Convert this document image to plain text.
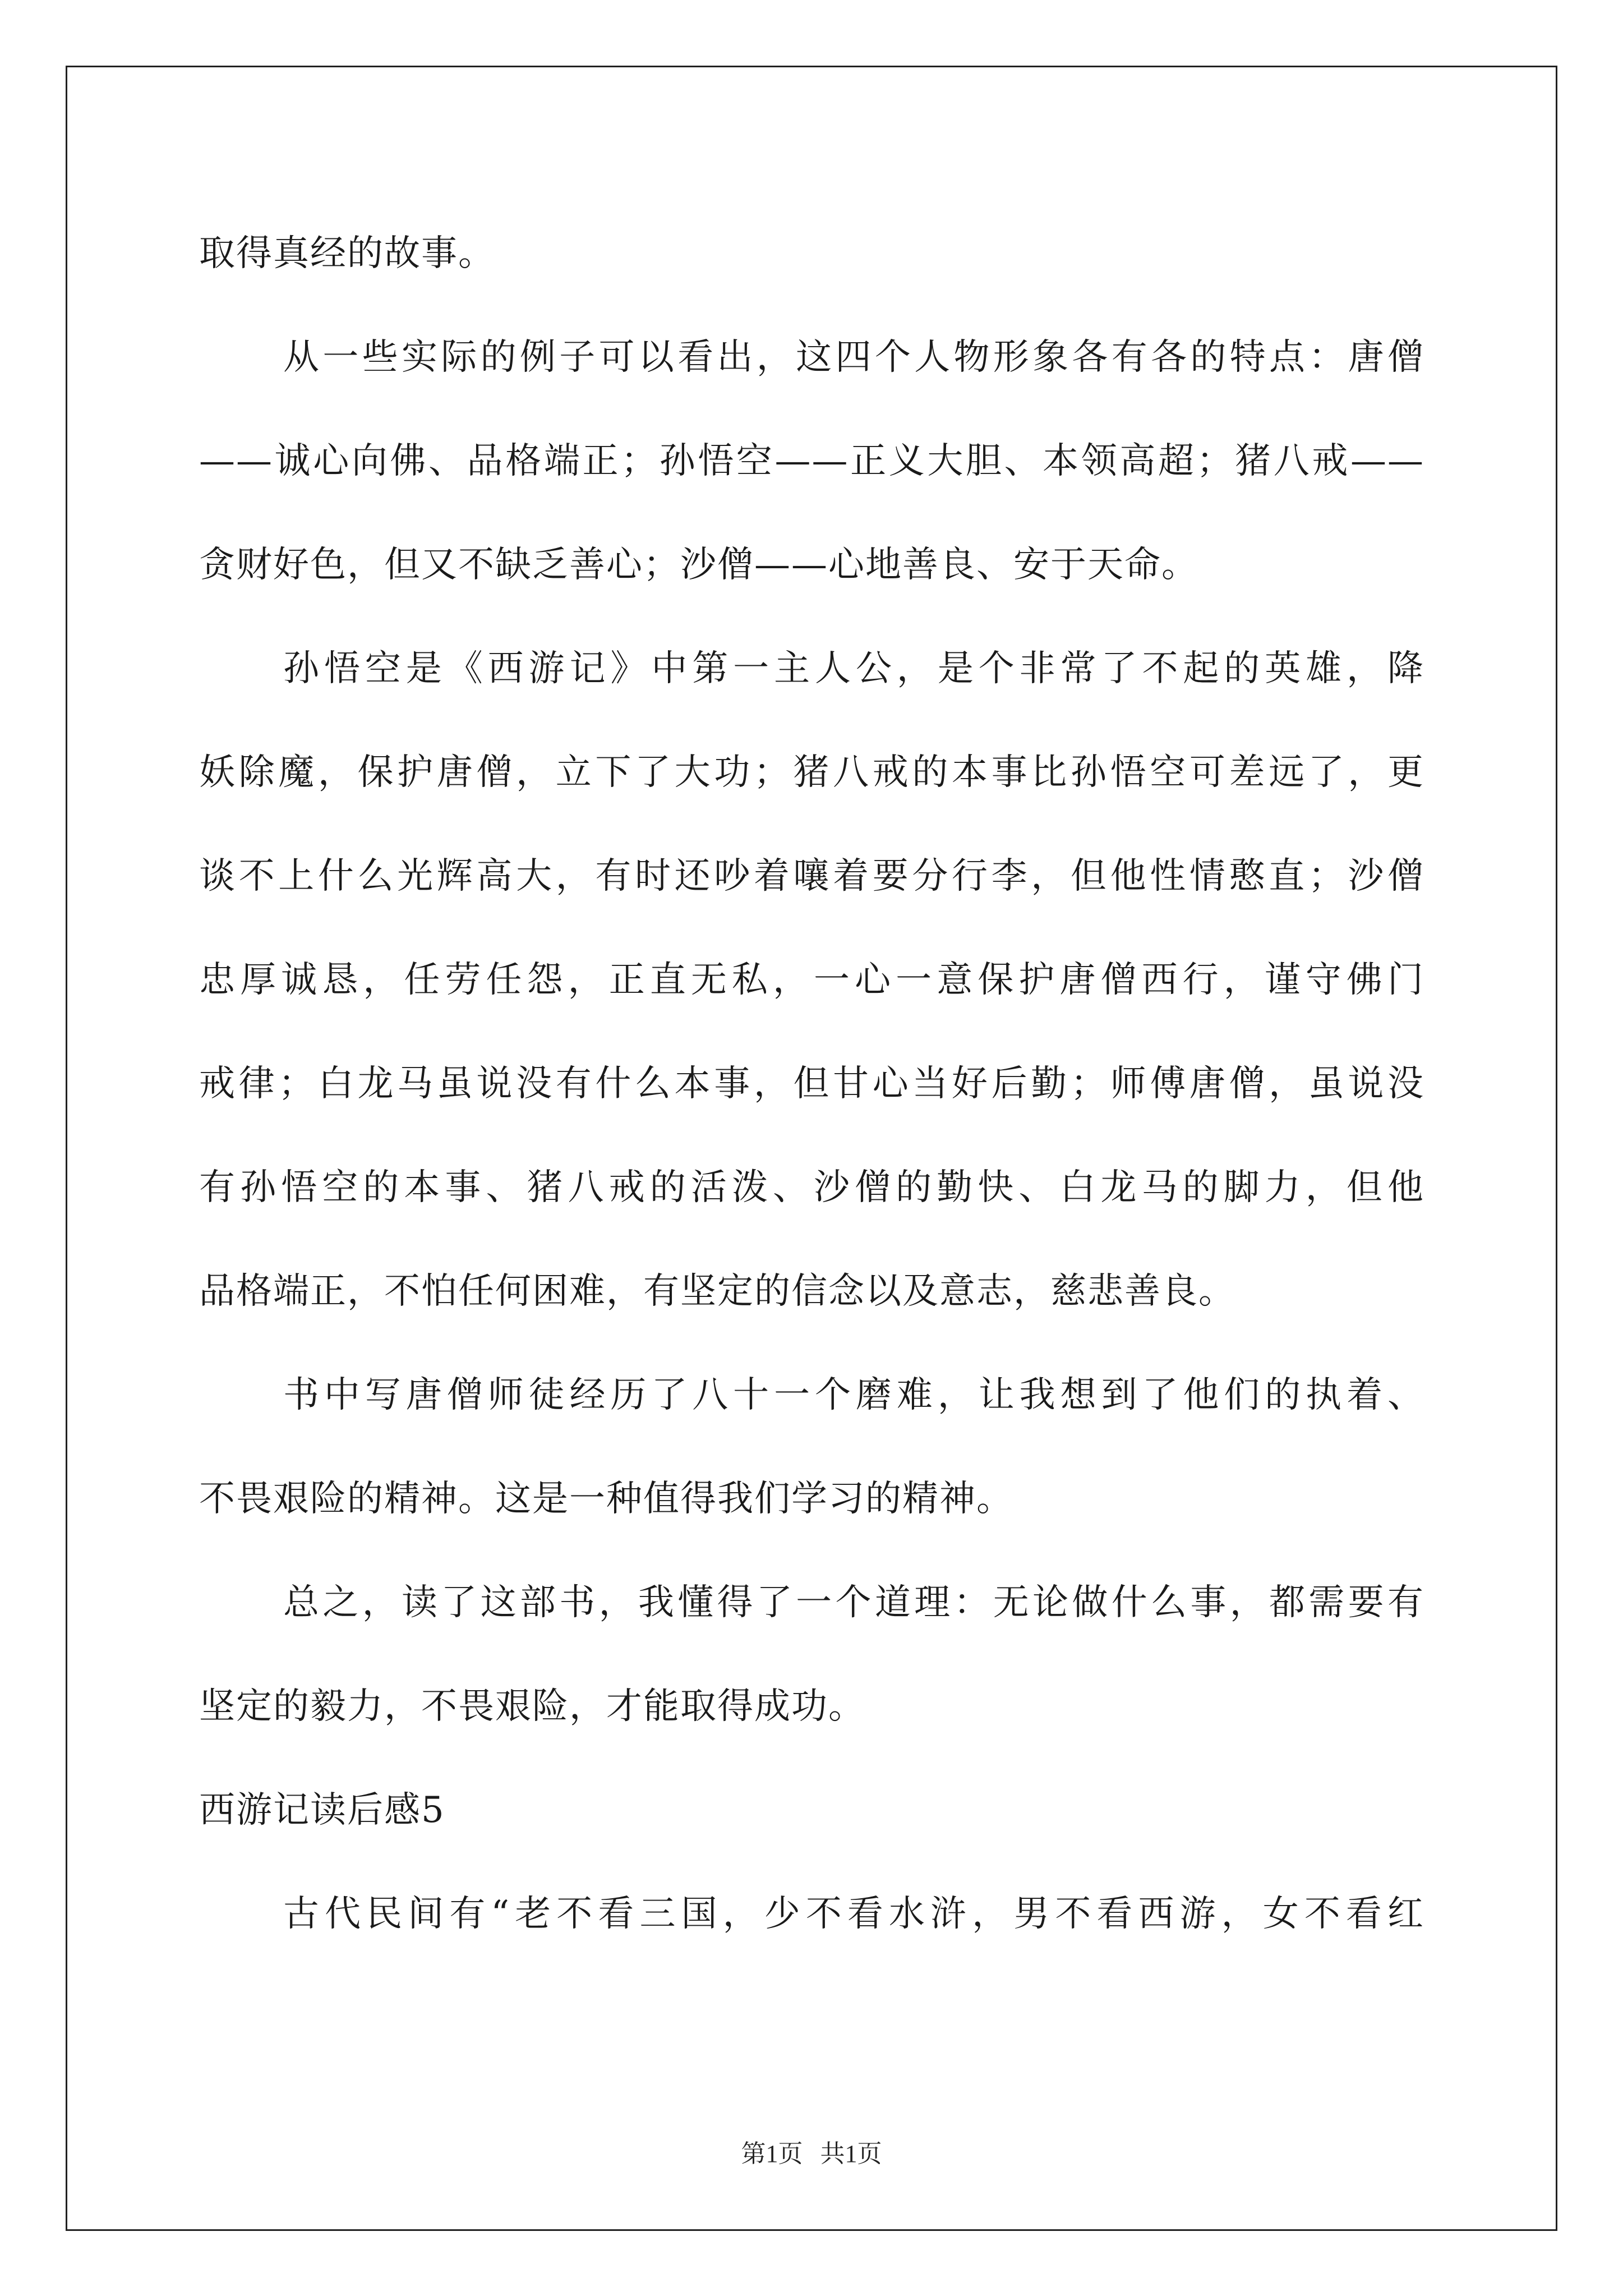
取得真经的故事。
从一些实际的例子可以看出，这四个人物形象各有各的特点：唐僧
——诚心向佛、品格端正；孙悟空——正义大胆、本领高超；猪八戒——
贪财好色，但又不缺乏善心；沙僧——心地善良、安于天命。
孙悟空是《西游记》中第一主人公，是个非常了不起的英雄，降
妖除魔，保护唐僧，立下了大功；猪八戒的本事比孙悟空可差远了，更
谈不上什么光辉高大，有时还吵着嚷着要分行李，但他性情憨直；沙僧
忠厚诚恳，任劳任怨，正直无私，一心一意保护唐僧西行，谨守佛门
戒律；白龙马虽说没有什么本事，但甘心当好后勤；师傅唐僧，虽说没
有孙悟空的本事、猪八戒的活泼、沙僧的勤快、白龙马的脚力，但他
品格端正，不怕任何困难，有坚定的信念以及意志，慈悲善良。
书中写唐僧师徒经历了八十一个磨难，让我想到了他们的执着、
不畏艰险的精神。这是一种值得我们学习的精神。
总之，读了这部书，我懂得了一个道理：无论做什么事，都需要有
坚定的毅力，不畏艰险，才能取得成功。
西游记读后感5
古代民间有“老不看三国，少不看水浒，男不看西游，女不看红
第1页 共1页
